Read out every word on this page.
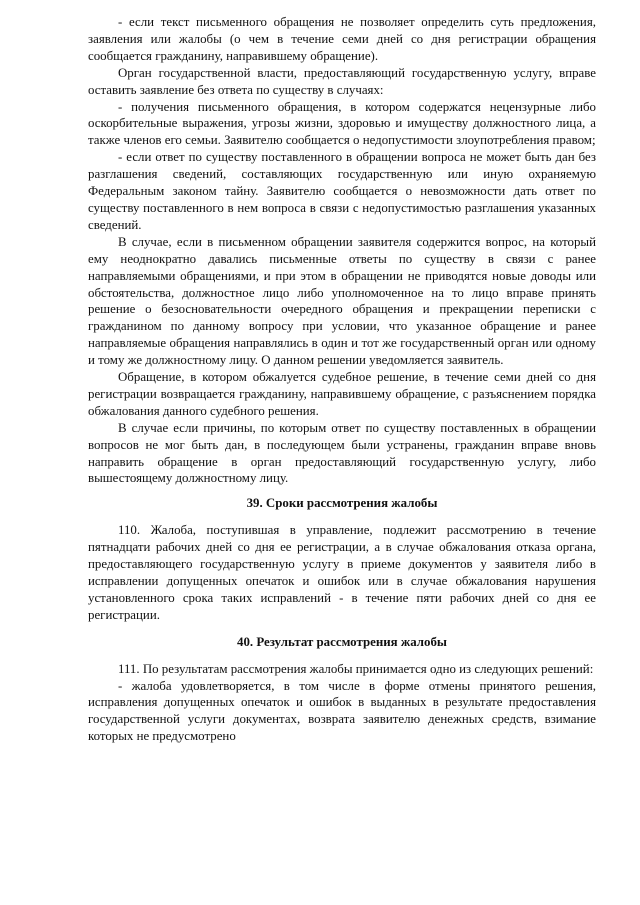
- если текст письменного обращения не позволяет определить суть предложения, заявления или жалобы (о чем в течение семи дней со дня регистрации обращения сообщается гражданину, направившему обращение).

Орган государственной власти, предоставляющий государственную услугу, вправе оставить заявление без ответа по существу в случаях:

- получения письменного обращения, в котором содержатся нецензурные либо оскорбительные выражения, угрозы жизни, здоровью и имуществу должностного лица, а также членов его семьи. Заявителю сообщается о недопустимости злоупотребления правом;

- если ответ по существу поставленного в обращении вопроса не может быть дан без разглашения сведений, составляющих государственную или иную охраняемую Федеральным законом тайну. Заявителю сообщается о невозможности дать ответ по существу поставленного в нем вопроса в связи с недопустимостью разглашения указанных сведений.

В случае, если в письменном обращении заявителя содержится вопрос, на который ему неоднократно давались письменные ответы по существу в связи с ранее направляемыми обращениями, и при этом в обращении не приводятся новые доводы или обстоятельства, должностное лицо либо уполномоченное на то лицо вправе принять решение о безосновательности очередного обращения и прекращении переписки с гражданином по данному вопросу при условии, что указанное обращение и ранее направляемые обращения направлялись в один и тот же государственный орган или одному и тому же должностному лицу. О данном решении уведомляется заявитель.

Обращение, в котором обжалуется судебное решение, в течение семи дней со дня регистрации возвращается гражданину, направившему обращение, с разъяснением порядка обжалования данного судебного решения.

В случае если причины, по которым ответ по существу поставленных в обращении вопросов не мог быть дан, в последующем были устранены, гражданин вправе вновь направить обращение в орган предоставляющий государственную услугу, либо вышестоящему должностному лицу.

39. Сроки рассмотрения жалобы

110. Жалоба, поступившая в управление, подлежит рассмотрению в течение пятнадцати рабочих дней со дня ее регистрации, а в случае обжалования отказа органа, предоставляющего государственную услугу в приеме документов у заявителя либо в исправлении допущенных опечаток и ошибок или в случае обжалования нарушения установленного срока таких исправлений - в течение пяти рабочих дней со дня ее регистрации.

40. Результат рассмотрения жалобы

111. По результатам рассмотрения жалобы принимается одно из следующих решений:

- жалоба удовлетворяется, в том числе в форме отмены принятого решения, исправления допущенных опечаток и ошибок в выданных в результате предоставления государственной услуги документах, возврата заявителю денежных средств, взимание которых не предусмотрено
